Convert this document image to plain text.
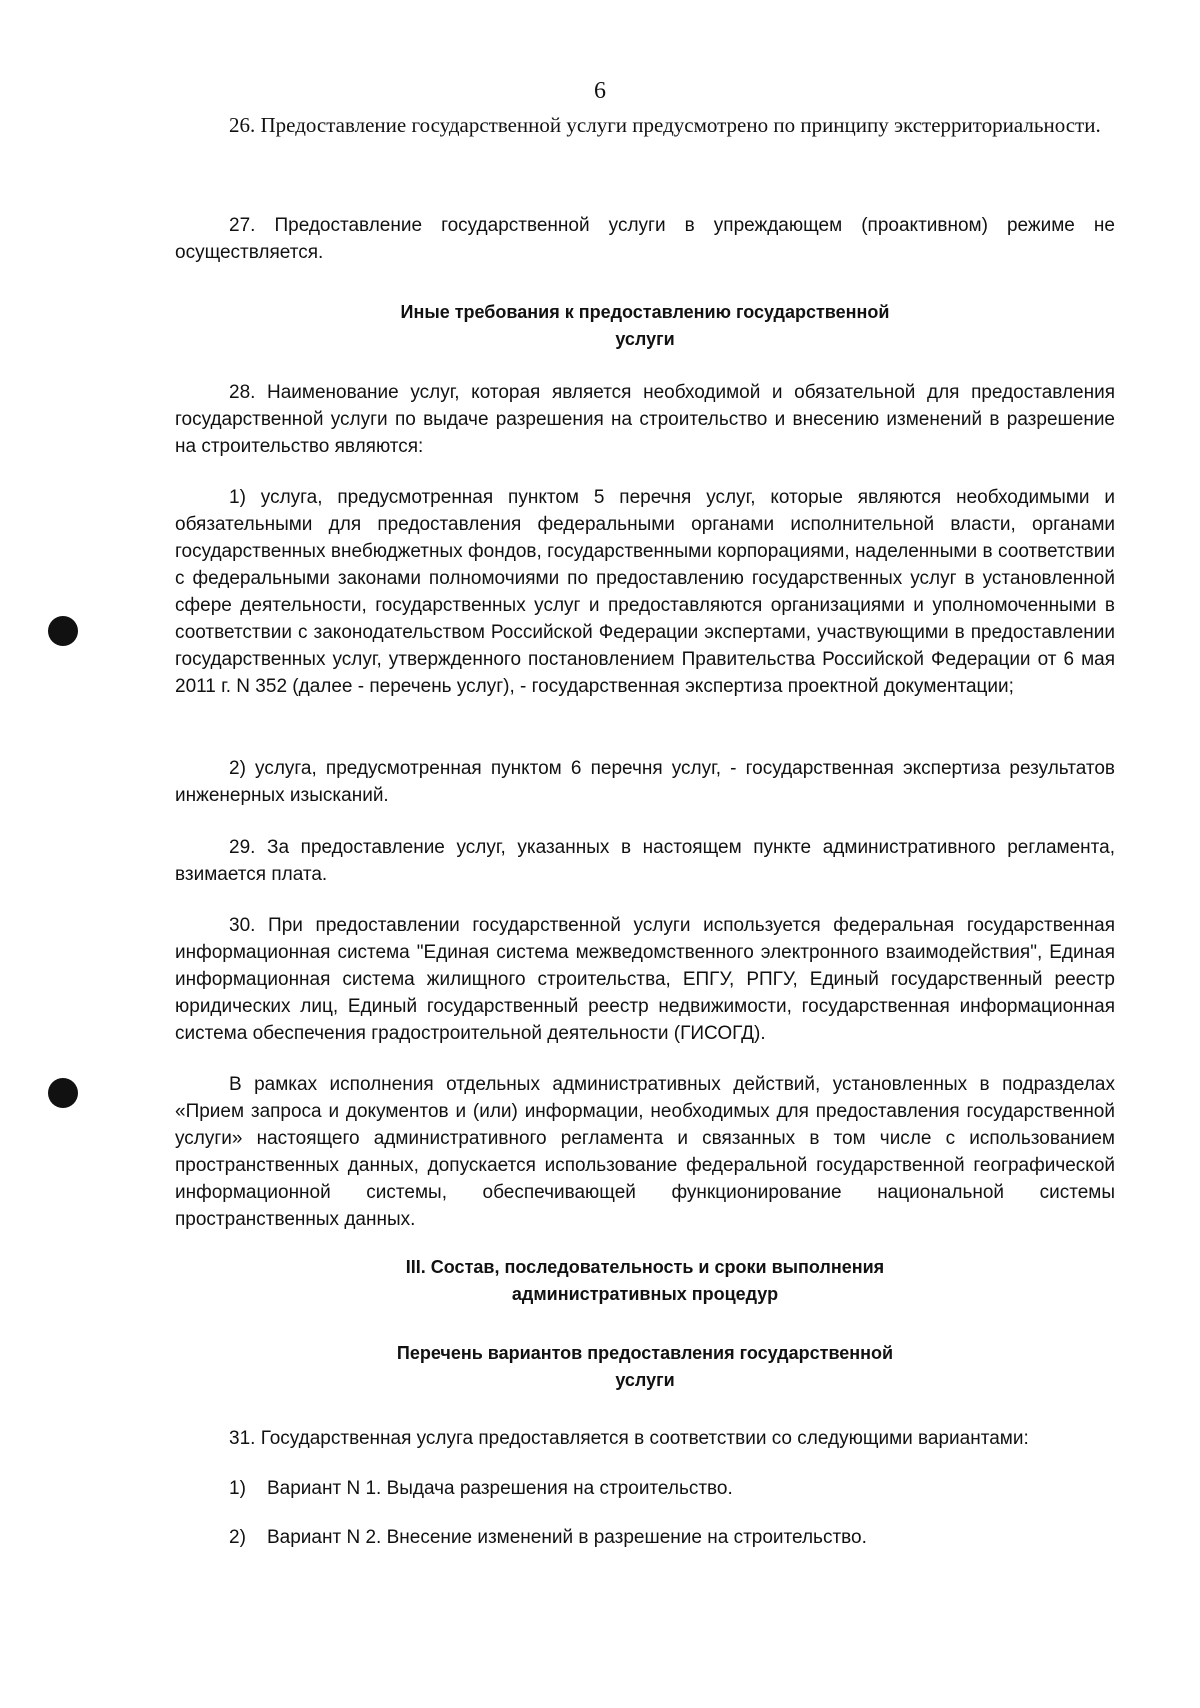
6

26. Предоставление государственной услуги предусмотрено по принципу экстерриториальности.

27. Предоставление государственной услуги в упреждающем (проактивном) режиме не осуществляется.

Иные требования к предоставлению государственной
услуги

28. Наименование услуг, которая является необходимой и обязательной для предоставления государственной услуги по выдаче разрешения на строительство и внесению изменений в разрешение на строительство являются:

1) услуга, предусмотренная пунктом 5 перечня услуг, которые являются необходимыми и обязательными для предоставления федеральными органами исполнительной власти, органами государственных внебюджетных фондов, государственными корпорациями, наделенными в соответствии с федеральными законами полномочиями по предоставлению государственных услуг в установленной сфере деятельности, государственных услуг и предоставляются организациями и уполномоченными в соответствии с законодательством Российской Федерации экспертами, участвующими в предоставлении государственных услуг, утвержденного постановлением Правительства Российской Федерации от 6 мая 2011 г. N 352 (далее - перечень услуг), - государственная экспертиза проектной документации;

2) услуга, предусмотренная пунктом 6 перечня услуг, - государственная экспертиза результатов инженерных изысканий.

29. За предоставление услуг, указанных в настоящем пункте административного регламента, взимается плата.

30. При предоставлении государственной услуги используется федеральная государственная информационная система "Единая система межведомственного электронного взаимодействия", Единая информационная система жилищного строительства, ЕПГУ, РПГУ, Единый государственный реестр юридических лиц, Единый государственный реестр недвижимости, государственная информационная система обеспечения градостроительной деятельности (ГИСОГД).

В рамках исполнения отдельных административных действий, установленных в подразделах «Прием запроса и документов и (или) информации, необходимых для предоставления государственной услуги» настоящего административного регламента и связанных в том числе с использованием пространственных данных, допускается использование федеральной государственной географической информационной системы, обеспечивающей функционирование национальной системы пространственных данных.

III. Состав, последовательность и сроки выполнения
административных процедур
Перечень вариантов предоставления государственной
услуги

31. Государственная услуга предоставляется в соответствии со следующими вариантами:

1) Вариант N 1. Выдача разрешения на строительство.

2) Вариант N 2. Внесение изменений в разрешение на строительство.
